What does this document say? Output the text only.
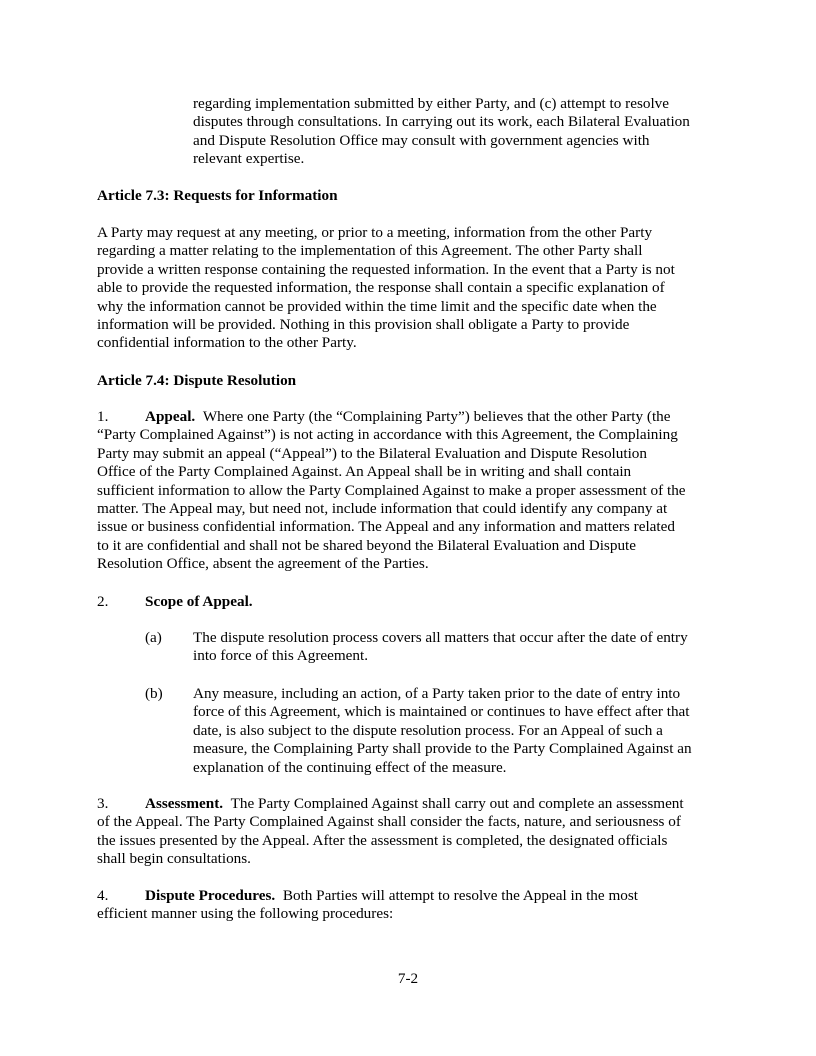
regarding implementation submitted by either Party, and (c) attempt to resolve
disputes through consultations. In carrying out its work, each Bilateral Evaluation
and Dispute Resolution Office may consult with government agencies with
relevant expertise.
Article 7.3: Requests for Information
A Party may request at any meeting, or prior to a meeting, information from the other Party
regarding a matter relating to the implementation of this Agreement. The other Party shall
provide a written response containing the requested information. In the event that a Party is not
able to provide the requested information, the response shall contain a specific explanation of
why the information cannot be provided within the time limit and the specific date when the
information will be provided. Nothing in this provision shall obligate a Party to provide
confidential information to the other Party.
Article 7.4: Dispute Resolution
1. Appeal. Where one Party (the “Complaining Party”) believes that the other Party (the
“Party Complained Against”) is not acting in accordance with this Agreement, the Complaining
Party may submit an appeal (“Appeal”) to the Bilateral Evaluation and Dispute Resolution
Office of the Party Complained Against. An Appeal shall be in writing and shall contain
sufficient information to allow the Party Complained Against to make a proper assessment of the
matter. The Appeal may, but need not, include information that could identify any company at
issue or business confidential information. The Appeal and any information and matters related
to it are confidential and shall not be shared beyond the Bilateral Evaluation and Dispute
Resolution Office, absent the agreement of the Parties.
2. Scope of Appeal.
(a) The dispute resolution process covers all matters that occur after the date of entry
into force of this Agreement.
(b) Any measure, including an action, of a Party taken prior to the date of entry into
force of this Agreement, which is maintained or continues to have effect after that
date, is also subject to the dispute resolution process. For an Appeal of such a
measure, the Complaining Party shall provide to the Party Complained Against an
explanation of the continuing effect of the measure.
3. Assessment. The Party Complained Against shall carry out and complete an assessment
of the Appeal. The Party Complained Against shall consider the facts, nature, and seriousness of
the issues presented by the Appeal. After the assessment is completed, the designated officials
shall begin consultations.
4. Dispute Procedures. Both Parties will attempt to resolve the Appeal in the most
efficient manner using the following procedures:
7-2
